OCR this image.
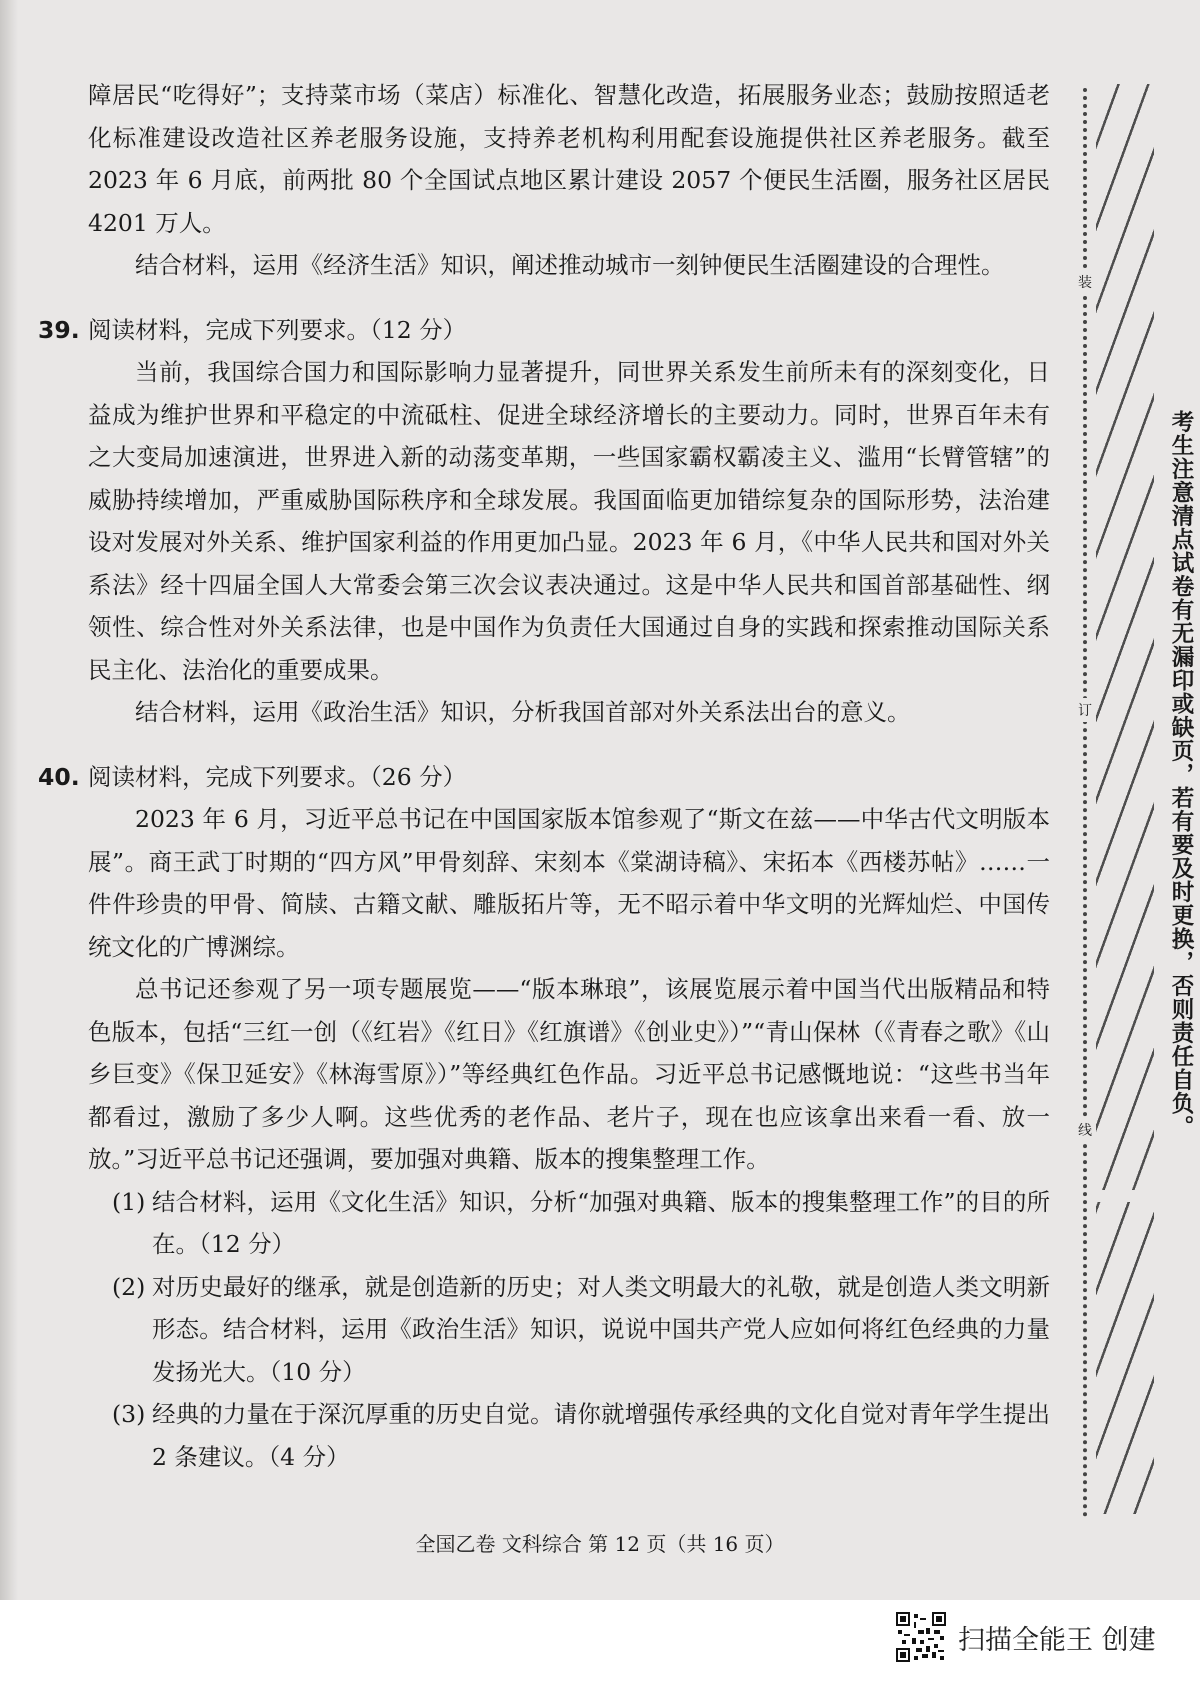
障居民“吃得好”；支持菜市场（菜店）标准化、智慧化改造，拓展服务业态；鼓励按照适老化标准建设改造社区养老服务设施，支持养老机构利用配套设施提供社区养老服务。截至 2023 年 6 月底，前两批 80 个全国试点地区累计建设 2057 个便民生活圈，服务社区居民 4201 万人。

结合材料，运用《经济生活》知识，阐述推动城市一刻钟便民生活圈建设的合理性。

39. 阅读材料，完成下列要求。（12 分）

当前，我国综合国力和国际影响力显著提升，同世界关系发生前所未有的深刻变化，日益成为维护世界和平稳定的中流砥柱、促进全球经济增长的主要动力。同时，世界百年未有之大变局加速演进，世界进入新的动荡变革期，一些国家霸权霸凌主义、滥用“长臂管辖”的威胁持续增加，严重威胁国际秩序和全球发展。我国面临更加错综复杂的国际形势，法治建设对发展对外关系、维护国家利益的作用更加凸显。2023 年 6 月，《中华人民共和国对外关系法》经十四届全国人大常委会第三次会议表决通过。这是中华人民共和国首部基础性、纲领性、综合性对外关系法律，也是中国作为负责任大国通过自身的实践和探索推动国际关系民主化、法治化的重要成果。

结合材料，运用《政治生活》知识，分析我国首部对外关系法出台的意义。

40. 阅读材料，完成下列要求。（26 分）

2023 年 6 月，习近平总书记在中国国家版本馆参观了“斯文在兹——中华古代文明版本展”。商王武丁时期的“四方风”甲骨刻辞、宋刻本《棠湖诗稿》、宋拓本《西楼苏帖》……一件件珍贵的甲骨、简牍、古籍文献、雕版拓片等，无不昭示着中华文明的光辉灿烂、中国传统文化的广博渊综。

总书记还参观了另一项专题展览——“版本琳琅”，该展览展示着中国当代出版精品和特色版本，包括“三红一创（《红岩》《红日》《红旗谱》《创业史》）”“青山保林（《青春之歌》《山乡巨变》《保卫延安》《林海雪原》）”等经典红色作品。习近平总书记感慨地说：“这些书当年都看过，激励了多少人啊。这些优秀的老作品、老片子，现在也应该拿出来看一看、放一放。”习近平总书记还强调，要加强对典籍、版本的搜集整理工作。

(1) 结合材料，运用《文化生活》知识，分析“加强对典籍、版本的搜集整理工作”的目的所在。（12 分）

(2) 对历史最好的继承，就是创造新的历史；对人类文明最大的礼敬，就是创造人类文明新形态。结合材料，运用《政治生活》知识，说说中国共产党人应如何将红色经典的力量发扬光大。（10 分）

(3) 经典的力量在于深沉厚重的历史自觉。请你就增强传承经典的文化自觉对青年学生提出 2 条建议。（4 分）

全国乙卷 文科综合 第 12 页（共 16 页）
装
订
线	考生注意清点试卷有无漏印或缺页，若有要及时更换，否则责任自负。
扫描全能王 创建
